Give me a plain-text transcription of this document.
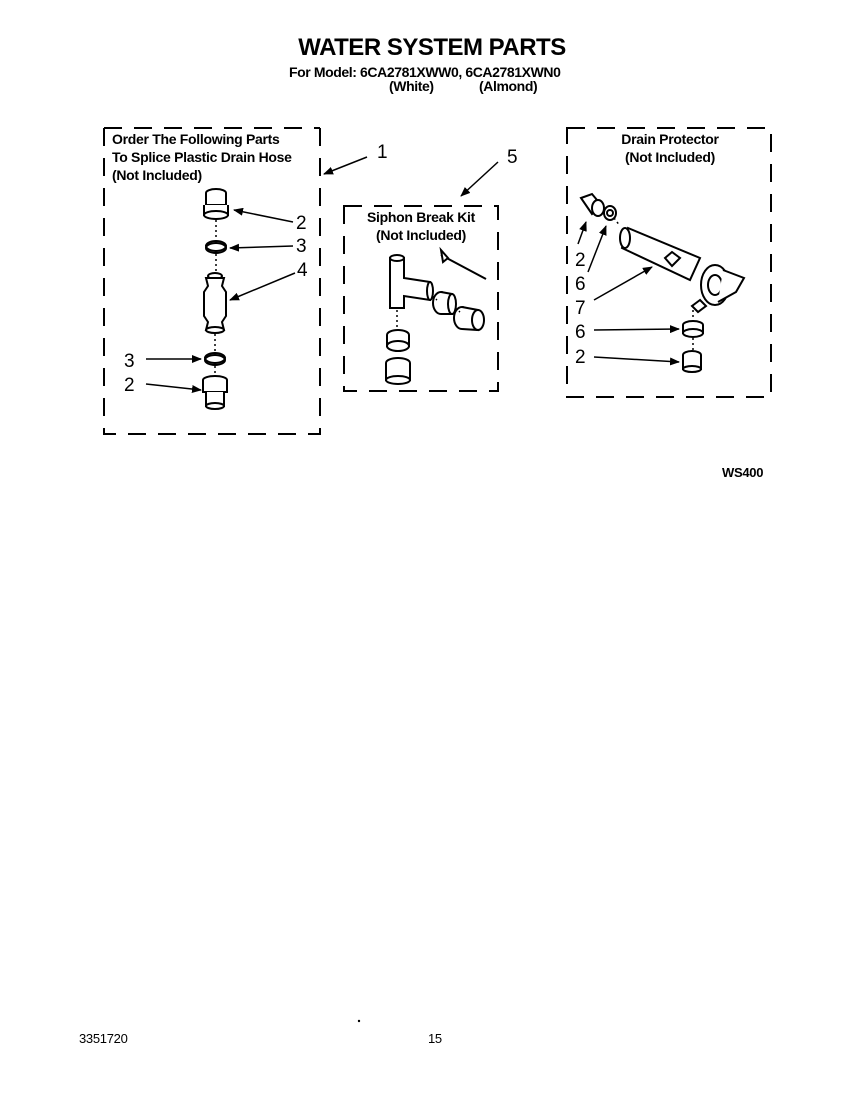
WATER SYSTEM PARTS
For Model: 6CA2781XWW0, 6CA2781XWN0
(White)	(Almond)
Order The Following Parts
To Splice Plastic Drain Hose
(Not Included)
Siphon Break Kit
(Not Included)
Drain Protector
(Not Included)
1
2
3
4
3
2
5
2
6
7
6
2
WS400
3351720	15
